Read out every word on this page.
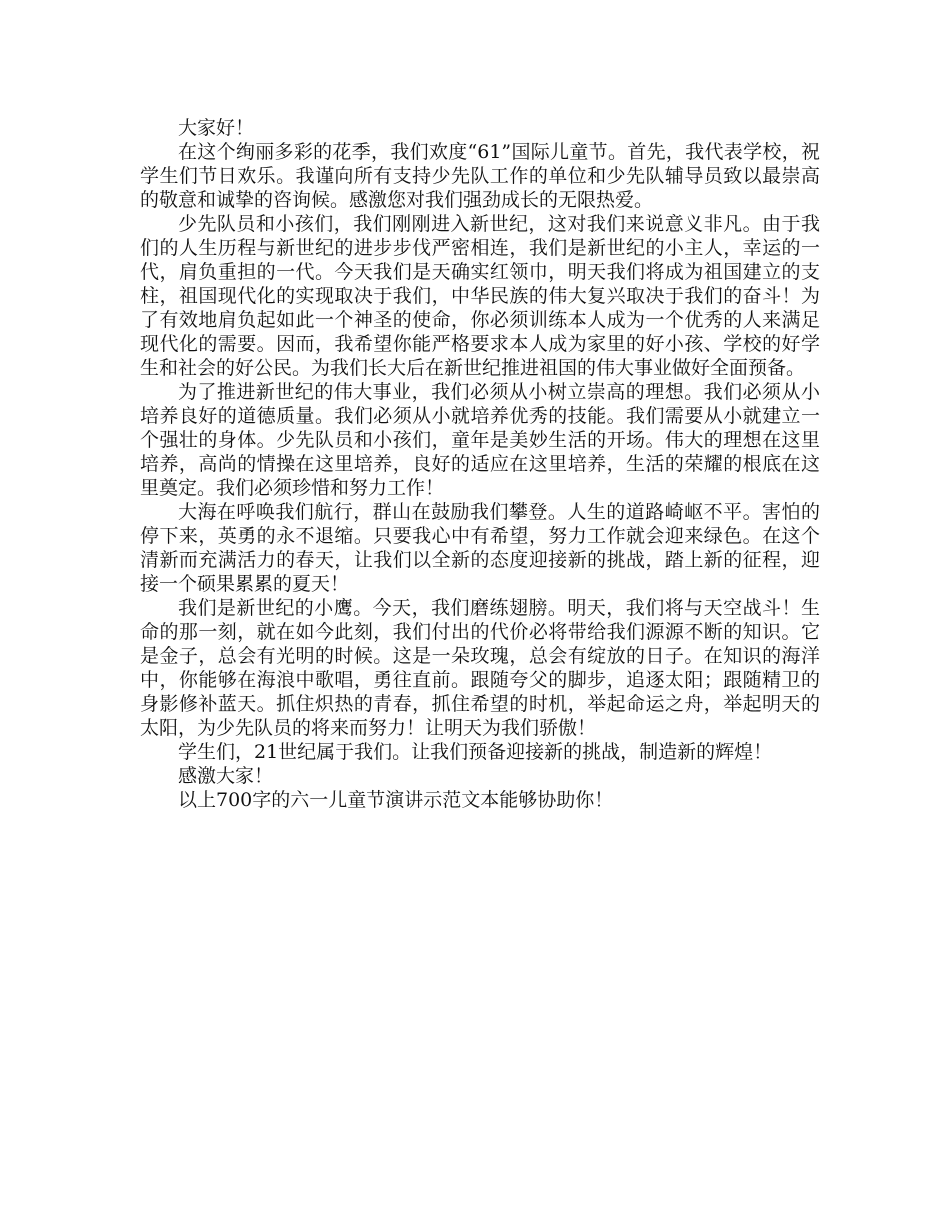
大家好！

在这个绚丽多彩的花季，我们欢度“61”国际儿童节。首先，我代表学校，祝学生们节日欢乐。我谨向所有支持少先队工作的单位和少先队辅导员致以最崇高的敬意和诚挚的咨询候。感激您对我们强劲成长的无限热爱。

少先队员和小孩们，我们刚刚进入新世纪，这对我们来说意义非凡。由于我们的人生历程与新世纪的进步步伐严密相连，我们是新世纪的小主人，幸运的一代，肩负重担的一代。今天我们是天确实红领巾，明天我们将成为祖国建立的支柱，祖国现代化的实现取决于我们，中华民族的伟大复兴取决于我们的奋斗！为了有效地肩负起如此一个神圣的使命，你必须训练本人成为一个优秀的人来满足现代化的需要。因而，我希望你能严格要求本人成为家里的好小孩、学校的好学生和社会的好公民。为我们长大后在新世纪推进祖国的伟大事业做好全面预备。

为了推进新世纪的伟大事业，我们必须从小树立崇高的理想。我们必须从小培养良好的道德质量。我们必须从小就培养优秀的技能。我们需要从小就建立一个强壮的身体。少先队员和小孩们，童年是美妙生活的开场。伟大的理想在这里培养，高尚的情操在这里培养，良好的适应在这里培养，生活的荣耀的根底在这里奠定。我们必须珍惜和努力工作！

大海在呼唤我们航行，群山在鼓励我们攀登。人生的道路崎岖不平。害怕的停下来，英勇的永不退缩。只要我心中有希望，努力工作就会迎来绿色。在这个清新而充满活力的春天，让我们以全新的态度迎接新的挑战，踏上新的征程，迎接一个硕果累累的夏天！

我们是新世纪的小鹰。今天，我们磨练翅膀。明天，我们将与天空战斗！生命的那一刻，就在如今此刻，我们付出的代价必将带给我们源源不断的知识。它是金子，总会有光明的时候。这是一朵玫瑰，总会有绽放的日子。在知识的海洋中，你能够在海浪中歌唱，勇往直前。跟随夸父的脚步，追逐太阳；跟随精卫的身影修补蓝天。抓住炽热的青春，抓住希望的时机，举起命运之舟，举起明天的太阳，为少先队员的将来而努力！让明天为我们骄傲！

学生们，21世纪属于我们。让我们预备迎接新的挑战，制造新的辉煌！

感激大家！

以上700字的六一儿童节演讲示范文本能够协助你！
